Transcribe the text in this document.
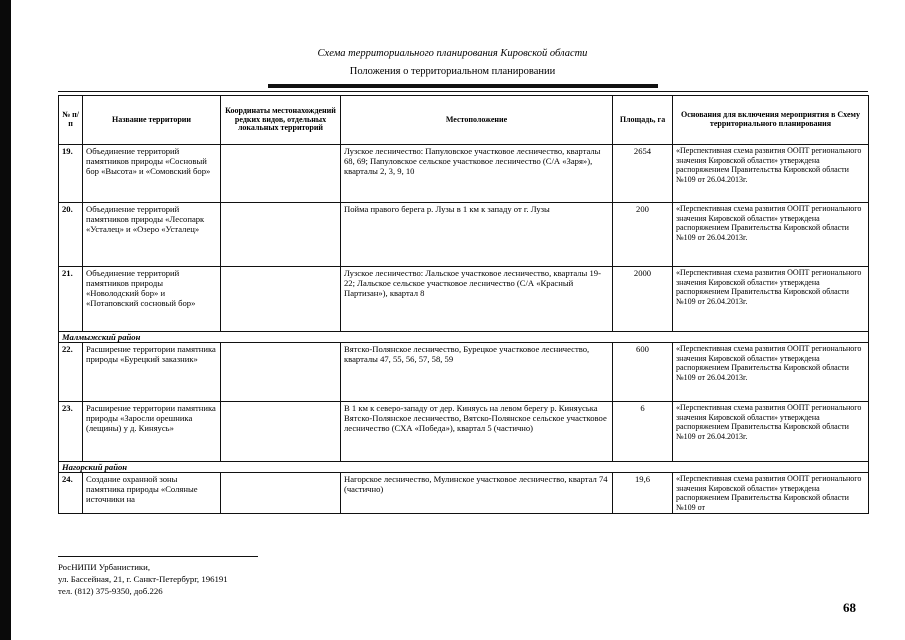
Схема территориального планирования Кировской области
Положения о территориальном планировании
№ п/п	Название территории	Координаты местонахождений редких видов, отдельных локальных территорий	Местоположение	Площадь, га	Основания для включения мероприятия в Схему территориального планирования
19.	Объединение территорий памятников природы «Сосновый бор «Высота» и «Сомовский бор»		Лузское лесничество: Папуловское участковое лесничество, кварталы 68, 69; Папуловское сельское участковое лесничество (С/А «Заря»), кварталы 2, 3, 9, 10	2654	«Перспективная схема развития ООПТ регионального значения Кировской области» утверждена распоряжением Правительства Кировской области №109 от 26.04.2013г.
20.	Объединение территорий памятников природы «Лесопарк «Усталец» и «Озеро «Усталец»		Пойма правого берега р. Лузы в 1 км к западу от г. Лузы	200	«Перспективная схема развития ООПТ регионального значения Кировской области» утверждена распоряжением Правительства Кировской области №109 от 26.04.2013г.
21.	Объединение территорий памятников природы «Новолодский бор» и «Потаповский сосновый бор»		Лузское лесничество: Лальское участковое лесничество, кварталы 19-22; Лальское сельское участковое лесничество (С/А «Красный Партизан»), квартал 8	2000	«Перспективная схема развития ООПТ регионального значения Кировской области» утверждена распоряжением Правительства Кировской области №109 от 26.04.2013г.
Малмыжский район					
22.	Расширение территории памятника природы «Бурецкий заказник»		Вятско-Полянское лесничество, Бурецкое участковое лесничество, кварталы 47, 55, 56, 57, 58, 59	600	«Перспективная схема развития ООПТ регионального значения Кировской области» утверждена распоряжением Правительства Кировской области №109 от 26.04.2013г.
23.	Расширение территории памятника природы «Заросли орешника (лещины) у д. Киняусь»		В 1 км к северо-западу от дер. Киняусь на левом берегу р. Киняуська Вятско-Полянское лесничество, Вятско-Полянское сельское участковое лесничество (СХА «Победа»), квартал 5 (частично)	6	«Перспективная схема развития ООПТ регионального значения Кировской области» утверждена распоряжением Правительства Кировской области №109 от 26.04.2013г.
Нагорский район					
24.	Создание охранной зоны памятника природы «Соляные источники на		Нагорское лесничество, Мулинское участковое лесничество, квартал 74 (частично)	19,6	«Перспективная схема развития ООПТ регионального значения Кировской области» утверждена распоряжением Правительства Кировской области №109 от
РосНИПИ Урбанистики,
ул. Бассейная, 21, г. Санкт-Петербург, 196191
тел. (812) 375-9350, доб.226
68
